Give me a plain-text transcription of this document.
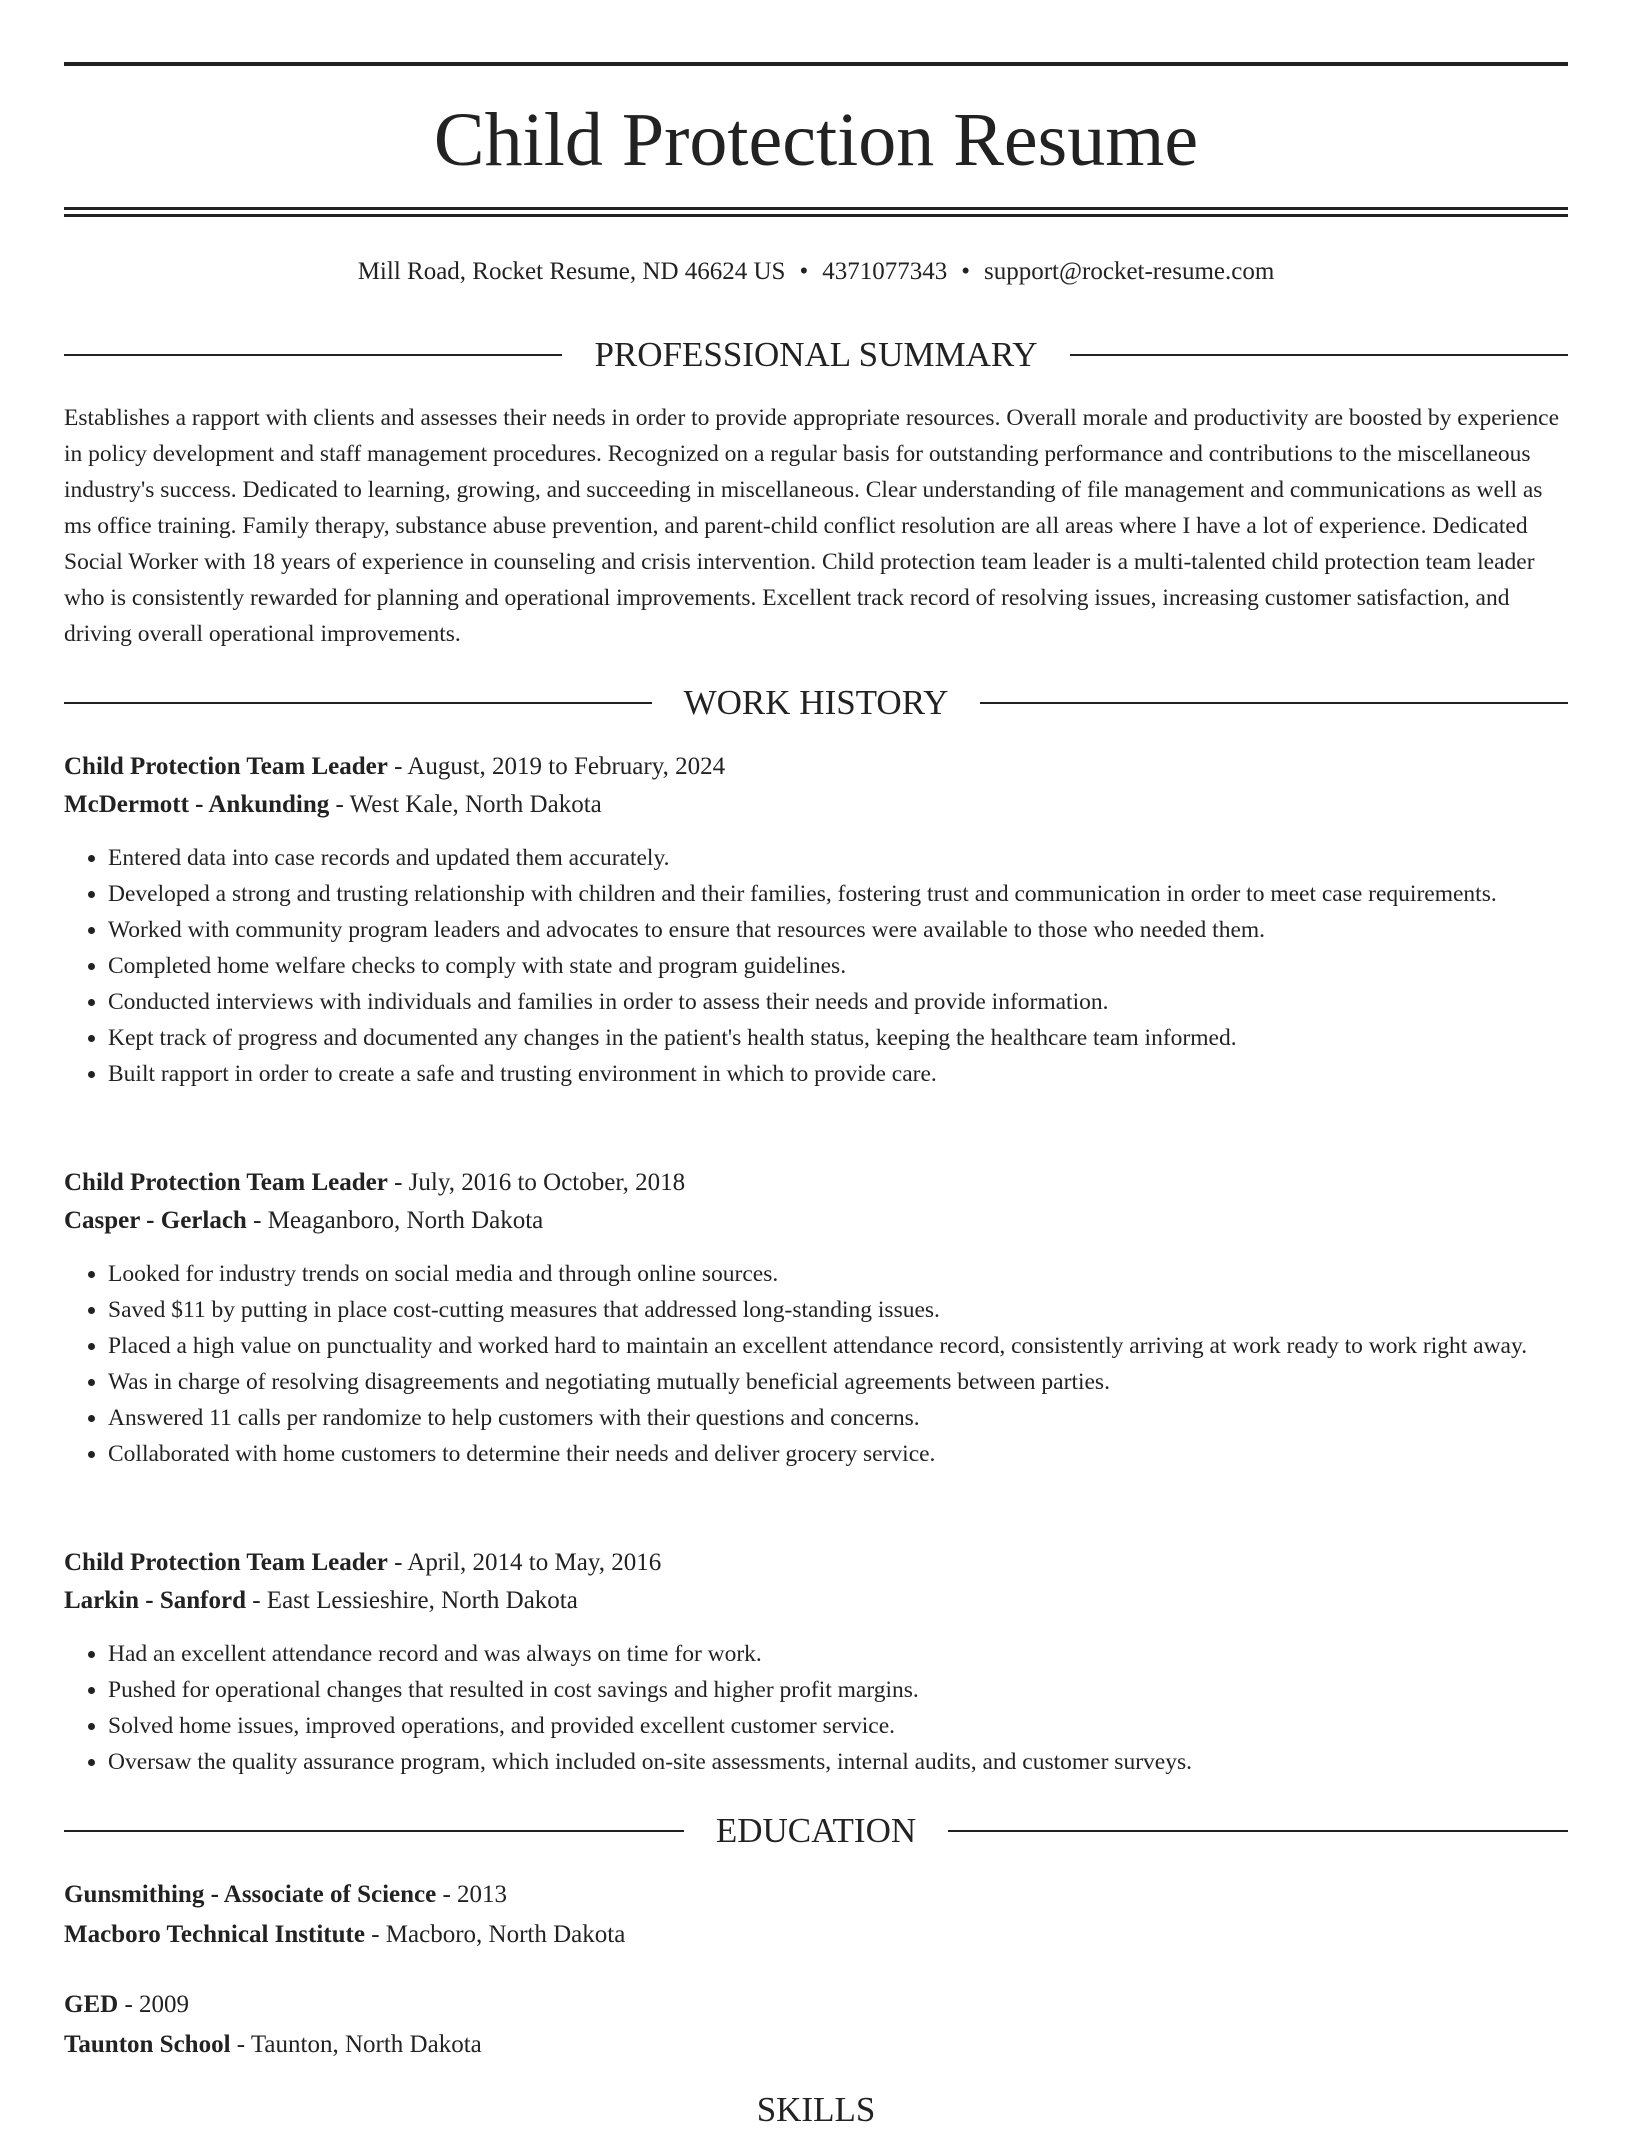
Child Protection Resume
Mill Road, Rocket Resume, ND 46624 US • 4371077343 • support@rocket-resume.com
PROFESSIONAL SUMMARY

Establishes a rapport with clients and assesses their needs in order to provide appropriate resources. Overall morale and productivity are boosted by experience in policy development and staff management procedures. Recognized on a regular basis for outstanding performance and contributions to the miscellaneous industry's success. Dedicated to learning, growing, and succeeding in miscellaneous. Clear understanding of file management and communications as well as ms office training. Family therapy, substance abuse prevention, and parent-child conflict resolution are all areas where I have a lot of experience. Dedicated Social Worker with 18 years of experience in counseling and crisis intervention. Child protection team leader is a multi-talented child protection team leader who is consistently rewarded for planning and operational improvements. Excellent track record of resolving issues, increasing customer satisfaction, and driving overall operational improvements.

WORK HISTORY
Child Protection Team Leader - August, 2019 to February, 2024
McDermott - Ankunding - West Kale, North Dakota
• Entered data into case records and updated them accurately.
• Developed a strong and trusting relationship with children and their families, fostering trust and communication in order to meet case requirements.
• Worked with community program leaders and advocates to ensure that resources were available to those who needed them.
• Completed home welfare checks to comply with state and program guidelines.
• Conducted interviews with individuals and families in order to assess their needs and provide information.
• Kept track of progress and documented any changes in the patient's health status, keeping the healthcare team informed.
• Built rapport in order to create a safe and trusting environment in which to provide care.
Child Protection Team Leader - July, 2016 to October, 2018
Casper - Gerlach - Meaganboro, North Dakota
• Looked for industry trends on social media and through online sources.
• Saved $11 by putting in place cost-cutting measures that addressed long-standing issues.
• Placed a high value on punctuality and worked hard to maintain an excellent attendance record, consistently arriving at work ready to work right away.
• Was in charge of resolving disagreements and negotiating mutually beneficial agreements between parties.
• Answered 11 calls per randomize to help customers with their questions and concerns.
• Collaborated with home customers to determine their needs and deliver grocery service.
Child Protection Team Leader - April, 2014 to May, 2016
Larkin - Sanford - East Lessieshire, North Dakota
• Had an excellent attendance record and was always on time for work.
• Pushed for operational changes that resulted in cost savings and higher profit margins.
• Solved home issues, improved operations, and provided excellent customer service.
• Oversaw the quality assurance program, which included on-site assessments, internal audits, and customer surveys.
EDUCATION
Gunsmithing - Associate of Science - 2013
Macboro Technical Institute - Macboro, North Dakota
GED - 2009
Taunton School - Taunton, North Dakota
SKILLS
